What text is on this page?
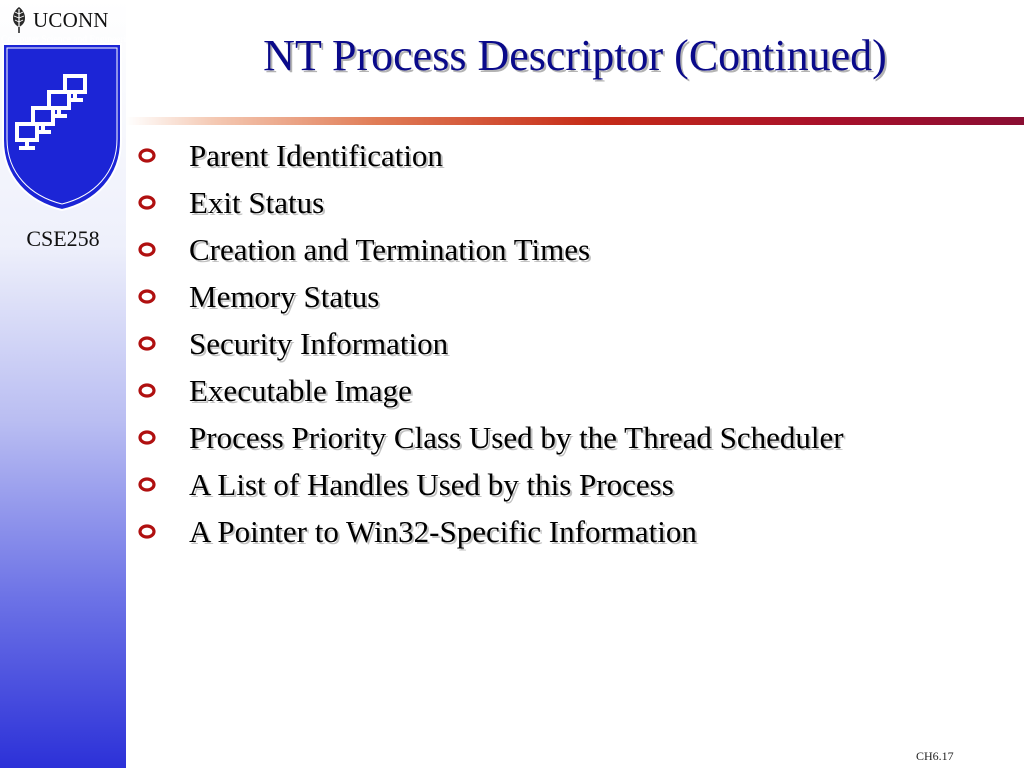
UCONN
Computer Science and Engineering
CSE258
NT Process Descriptor (Continued)
Parent Identification
Exit Status
Creation and Termination Times
Memory Status
Security Information
Executable Image
Process Priority Class Used by the Thread Scheduler
A List of Handles Used by this Process
A Pointer to Win32-Specific Information
CH6.17
